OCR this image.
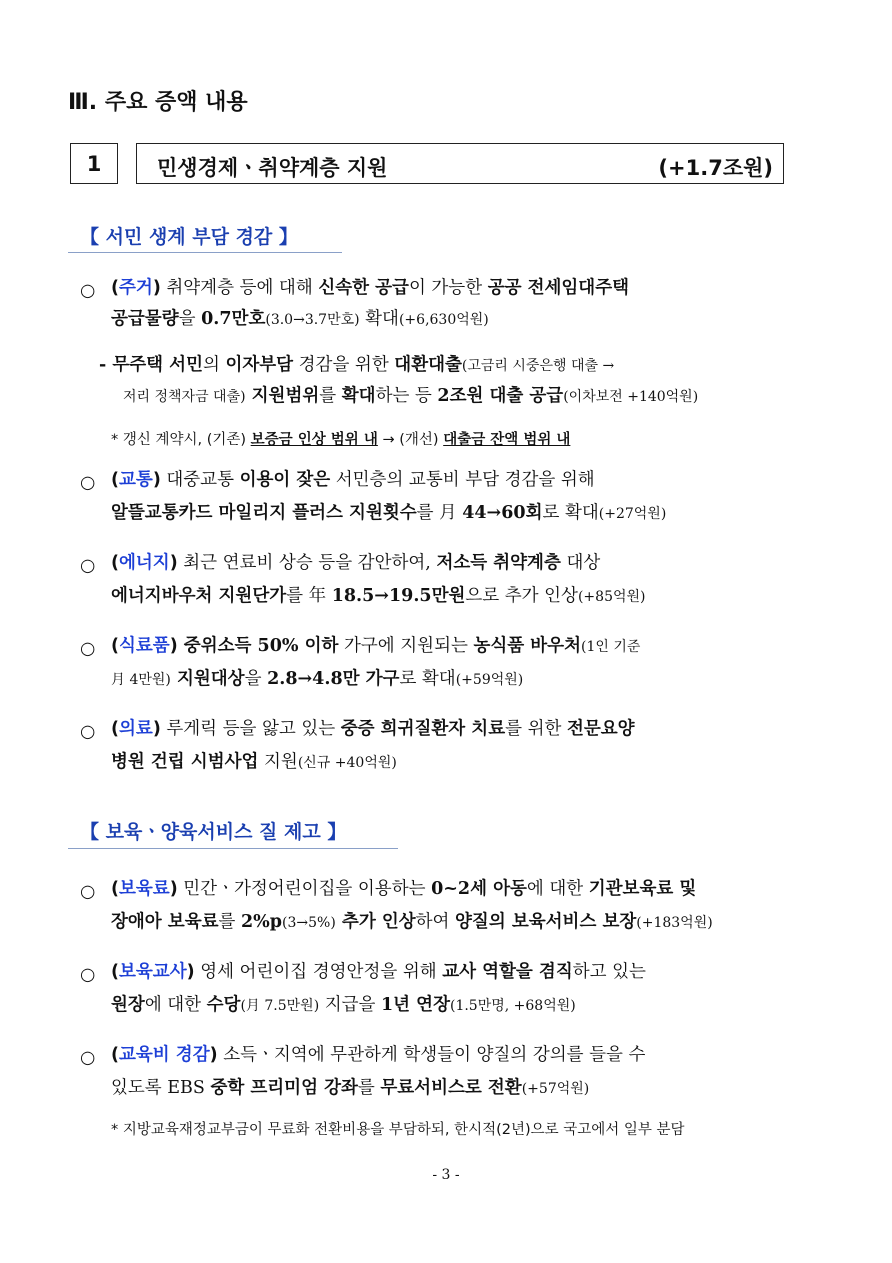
Ⅲ. 주요 증액 내용
1	민생경제ㆍ취약계층 지원	(+1.7조원)
【 서민 생계 부담 경감 】
○ (주거) 취약계층 등에 대해 신속한 공급이 가능한 공공 전세임대주택
공급물량을 0.7만호(3.0→3.7만호) 확대(+6,630억원)
- 무주택 서민의 이자부담 경감을 위한 대환대출(고금리 시중은행 대출 →
저리 정책자금 대출) 지원범위를 확대하는 등 2조원 대출 공급(이차보전 +140억원)
* 갱신 계약시, (기존) 보증금 인상 범위 내 → (개선) 대출금 잔액 범위 내
○ (교통) 대중교통 이용이 잦은 서민층의 교통비 부담 경감을 위해
알뜰교통카드 마일리지 플러스 지원횟수를 月 44→60회로 확대(+27억원)
○ (에너지) 최근 연료비 상승 등을 감안하여, 저소득 취약계층 대상
에너지바우처 지원단가를 年 18.5→19.5만원으로 추가 인상(+85억원)
○ (식료품) 중위소득 50% 이하 가구에 지원되는 농식품 바우처(1인 기준
月 4만원) 지원대상을 2.8→4.8만 가구로 확대(+59억원)
○ (의료) 루게릭 등을 앓고 있는 중증 희귀질환자 치료를 위한 전문요양
병원 건립 시범사업 지원(신규 +40억원)
【 보육ㆍ양육서비스 질 제고 】
○ (보육료) 민간ㆍ가정어린이집을 이용하는 0~2세 아동에 대한 기관보육료 및
장애아 보육료를 2%p(3→5%) 추가 인상하여 양질의 보육서비스 보장(+183억원)
○ (보육교사) 영세 어린이집 경영안정을 위해 교사 역할을 겸직하고 있는
원장에 대한 수당(月 7.5만원) 지급을 1년 연장(1.5만명, +68억원)
○ (교육비 경감) 소득ㆍ지역에 무관하게 학생들이 양질의 강의를 들을 수
있도록 EBS 중학 프리미엄 강좌를 무료서비스로 전환(+57억원)
* 지방교육재정교부금이 무료화 전환비용을 부담하되, 한시적(2년)으로 국고에서 일부 분담
- 3 -
